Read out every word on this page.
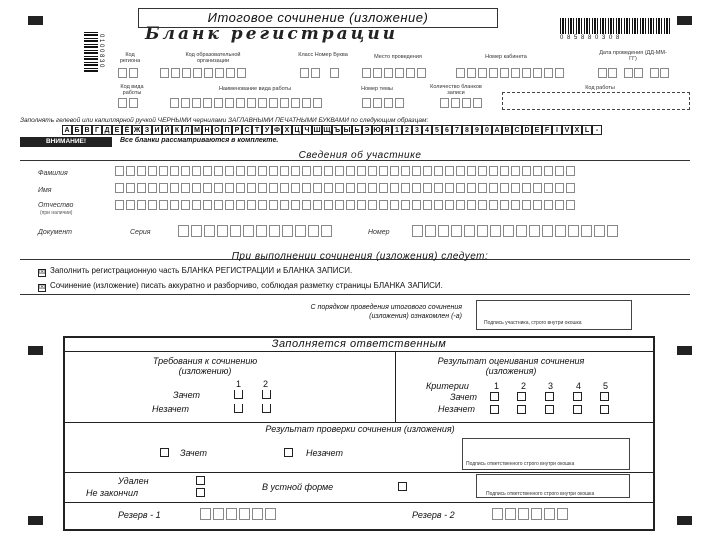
Итоговое сочинение (изложение)
Бланк регистрации
0 1 0 0 8 3 0	0 8 5 8 8 0 3 0 8
Код региона
Код образовательной организации
Класс Номер Буква	Место проведения	Номер кабинета
Дата проведения (ДД-ММ-ГГ)
Код вида работы
Наименование вида работы	Номер темы	Количество бланков записи
Код работы
Заполнять гелевой или капиллярной ручкой ЧЕРНЫМИ чернилами ЗАГЛАВНЫМИ ПЕЧАТНЫМИ БУКВАМИ по следующим образцам:
А Б В Г Д Е Ё Ж З И Й К Л М Н О П Р С Т У Ф Х Ц Ч Ш Щ Ъ Ы Ь Э Ю Я 1 2 3 4 5 6 7 8 9 0 A B C D E F I V X L -
ВНИМАНИЕ!	Все бланки рассматриваются в комплекте.
Сведения об участнике
Фамилия
Имя
Отчество
(при наличии)
Документ	Серия	Номер
При выполнении сочинения (изложения) следует:
☒ Заполнить регистрационную часть БЛАНКА РЕГИСТРАЦИИ и БЛАНКА ЗАПИСИ.
☒ Сочинение (изложение) писать аккуратно и разборчиво, соблюдая разметку страницы БЛАНКА ЗАПИСИ.
С порядком проведения итогового сочинения (изложения) ознакомлен (-а)
Подпись участника, строго внутри окошка
Заполняется ответственным
Требования к сочинению (изложению)
1 2
Зачет
Незачет
Результат оценивания сочинения (изложения)
Критерии	1 2 3	4 5
Зачет
Незачет
Результат проверки сочинения (изложения)
Зачет	Незачет
Подпись ответственного строго внутри окошка
Удален
Не закончил
В устной форме
Подпись ответственного строго внутри окошка
Резерв - 1	Резерв - 2
